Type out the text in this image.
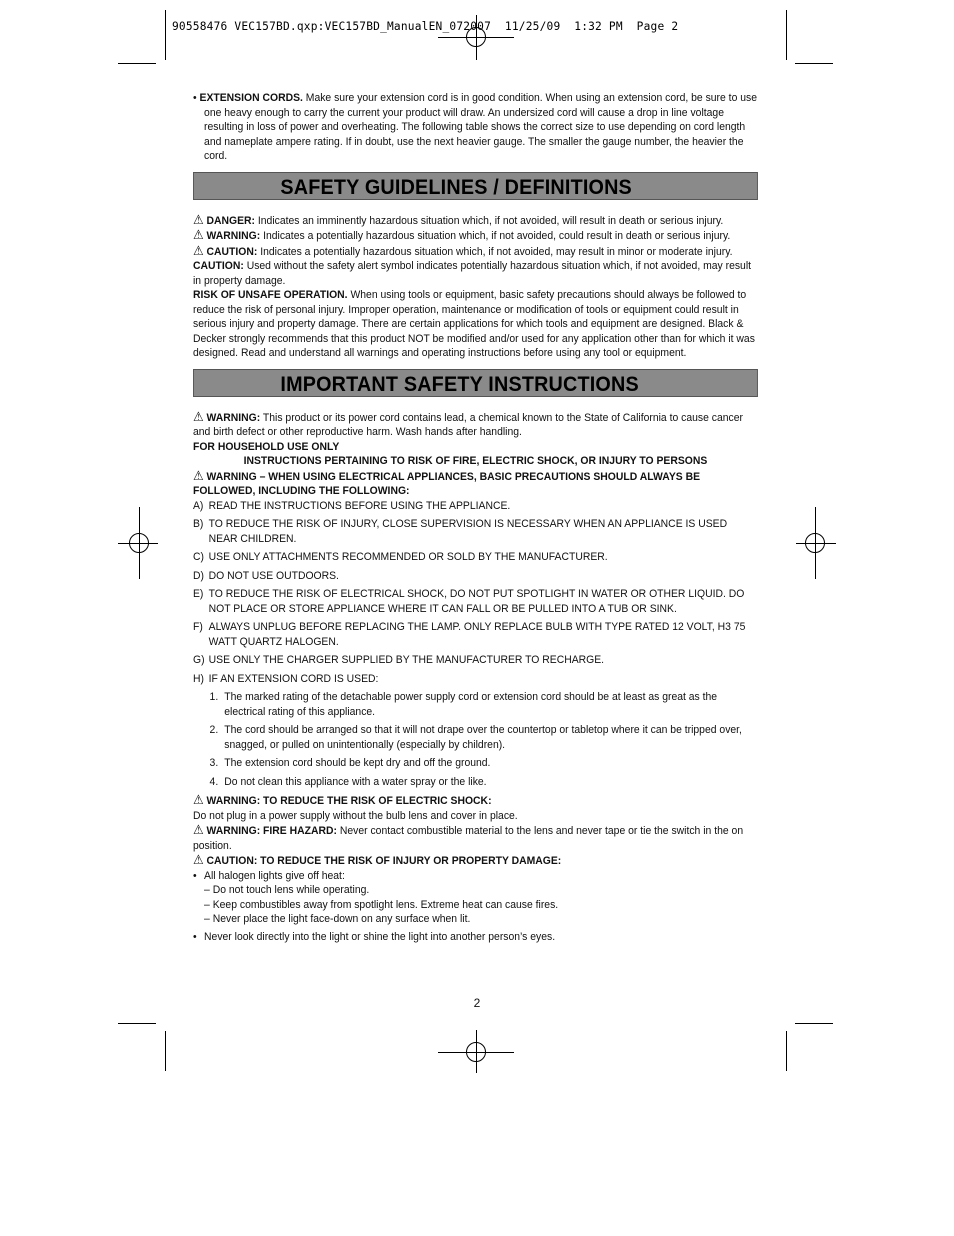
90558476 VEC157BD.qxp:VEC157BD_ManualEN_072007  11/25/09  1:32 PM  Page 2

• EXTENSION CORDS. Make sure your extension cord is in good condition. When using an extension cord, be sure to use one heavy enough to carry the current your product will draw. An undersized cord will cause a drop in line voltage resulting in loss of power and overheating. The following table shows the correct size to use depending on cord length and nameplate ampere rating. If in doubt, use the next heavier gauge. The smaller the gauge number, the heavier the cord.

SAFETY GUIDELINES / DEFINITIONS

⚠ DANGER: Indicates an imminently hazardous situation which, if not avoided, will result in death or serious injury.

⚠ WARNING: Indicates a potentially hazardous situation which, if not avoided, could result in death or serious injury.

⚠ CAUTION: Indicates a potentially hazardous situation which, if not avoided, may result in minor or moderate injury.

CAUTION: Used without the safety alert symbol indicates potentially hazardous situation which, if not avoided, may result in property damage.

RISK OF UNSAFE OPERATION. When using tools or equipment, basic safety precautions should always be followed to reduce the risk of personal injury. Improper operation, maintenance or modification of tools or equipment could result in serious injury and property damage. There are certain applications for which tools and equipment are designed. Black & Decker strongly recommends that this product NOT be modified and/or used for any application other than for which it was designed. Read and understand all warnings and operating instructions before using any tool or equipment.

IMPORTANT SAFETY INSTRUCTIONS

⚠ WARNING: This product or its power cord contains lead, a chemical known to the State of California to cause cancer and birth defect or other reproductive harm. Wash hands after handling.

FOR HOUSEHOLD USE ONLY

INSTRUCTIONS PERTAINING TO RISK OF FIRE, ELECTRIC SHOCK, OR INJURY TO PERSONS

⚠ WARNING – WHEN USING ELECTRICAL APPLIANCES, BASIC PRECAUTIONS SHOULD ALWAYS BE FOLLOWED, INCLUDING THE FOLLOWING:

A) READ THE INSTRUCTIONS BEFORE USING THE APPLIANCE.
B) TO REDUCE THE RISK OF INJURY, CLOSE SUPERVISION IS NECESSARY WHEN AN APPLIANCE IS USED NEAR CHILDREN.
C) USE ONLY ATTACHMENTS RECOMMENDED OR SOLD BY THE MANUFACTURER.
D) DO NOT USE OUTDOORS.
E) TO REDUCE THE RISK OF ELECTRICAL SHOCK, DO NOT PUT SPOTLIGHT IN WATER OR OTHER LIQUID. DO NOT PLACE OR STORE APPLIANCE WHERE IT CAN FALL OR BE PULLED INTO A TUB OR SINK.
F) ALWAYS UNPLUG BEFORE REPLACING THE LAMP. ONLY REPLACE BULB WITH TYPE RATED 12 VOLT, H3 75 WATT QUARTZ HALOGEN.
G) USE ONLY THE CHARGER SUPPLIED BY THE MANUFACTURER TO RECHARGE.
H) IF AN EXTENSION CORD IS USED:
1. The marked rating of the detachable power supply cord or extension cord should be at least as great as the electrical rating of this appliance.
2. The cord should be arranged so that it will not drape over the countertop or tabletop where it can be tripped over, snagged, or pulled on unintentionally (especially by children).
3. The extension cord should be kept dry and off the ground.
4. Do not clean this appliance with a water spray or the like.

⚠ WARNING: TO REDUCE THE RISK OF ELECTRIC SHOCK:

Do not plug in a power supply without the bulb lens and cover in place.

⚠ WARNING: FIRE HAZARD: Never contact combustible material to the lens and never tape or tie the switch in the on position.

⚠ CAUTION: TO REDUCE THE RISK OF INJURY OR PROPERTY DAMAGE:

• All halogen lights give off heat:
– Do not touch lens while operating.
– Keep combustibles away from spotlight lens. Extreme heat can cause fires.
– Never place the light face-down on any surface when lit.
• Never look directly into the light or shine the light into another person’s eyes.
2
